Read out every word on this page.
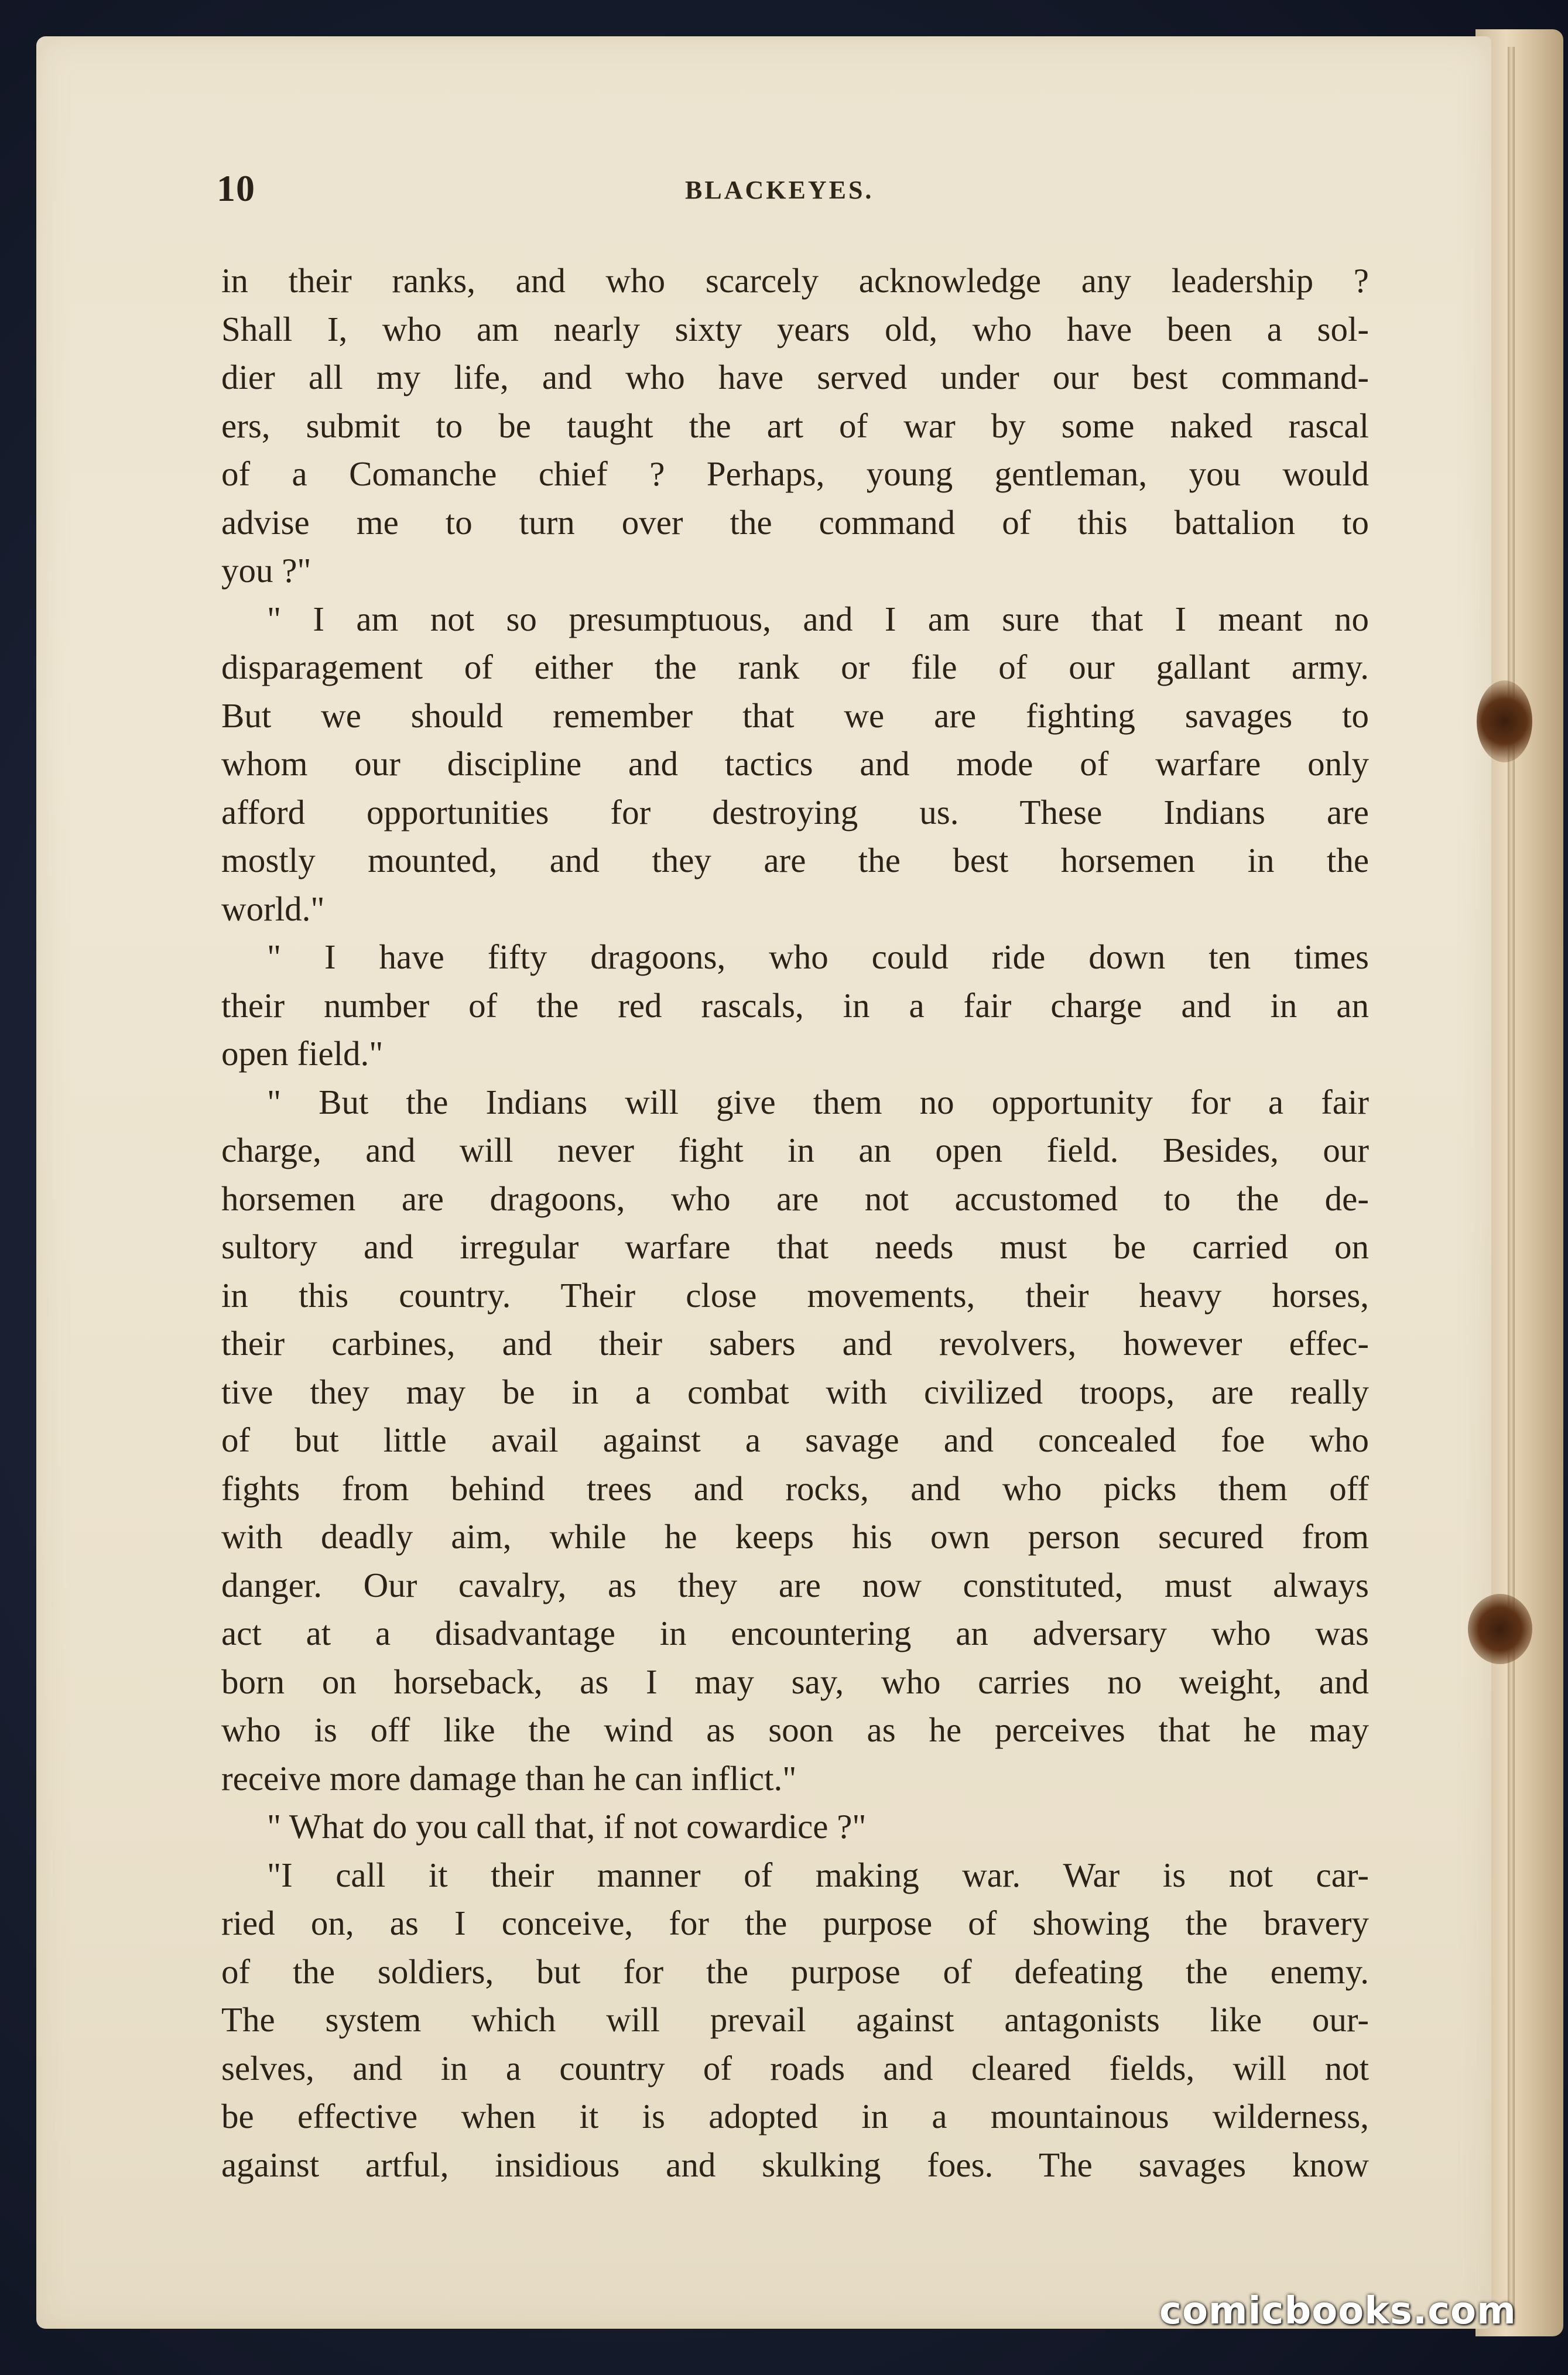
10	BLACKEYES.
in their ranks, and who scarcely acknowledge any leadership ?
Shall I, who am nearly sixty years old, who have been a sol-
dier all my life, and who have served under our best command-
ers, submit to be taught the art of war by some naked rascal
of a Comanche chief ? Perhaps, young gentleman, you would
advise me to turn over the command of this battalion to
you ?"
" I am not so presumptuous, and I am sure that I meant no
disparagement of either the rank or file of our gallant army.
But we should remember that we are fighting savages to
whom our discipline and tactics and mode of warfare only
afford opportunities for destroying us. These Indians are
mostly mounted, and they are the best horsemen in the
world."
" I have fifty dragoons, who could ride down ten times
their number of the red rascals, in a fair charge and in an
open field."
" But the Indians will give them no opportunity for a fair
charge, and will never fight in an open field. Besides, our
horsemen are dragoons, who are not accustomed to the de-
sultory and irregular warfare that needs must be carried on
in this country. Their close movements, their heavy horses,
their carbines, and their sabers and revolvers, however effec-
tive they may be in a combat with civilized troops, are really
of but little avail against a savage and concealed foe who
fights from behind trees and rocks, and who picks them off
with deadly aim, while he keeps his own person secured from
danger. Our cavalry, as they are now constituted, must always
act at a disadvantage in encountering an adversary who was
born on horseback, as I may say, who carries no weight, and
who is off like the wind as soon as he perceives that he may
receive more damage than he can inflict."
" What do you call that, if not cowardice ?"
"I call it their manner of making war. War is not car-
ried on, as I conceive, for the purpose of showing the bravery
of the soldiers, but for the purpose of defeating the enemy.
The system which will prevail against antagonists like our-
selves, and in a country of roads and cleared fields, will not
be effective when it is adopted in a mountainous wilderness,
against artful, insidious and skulking foes. The savages know
comicbooks.com
